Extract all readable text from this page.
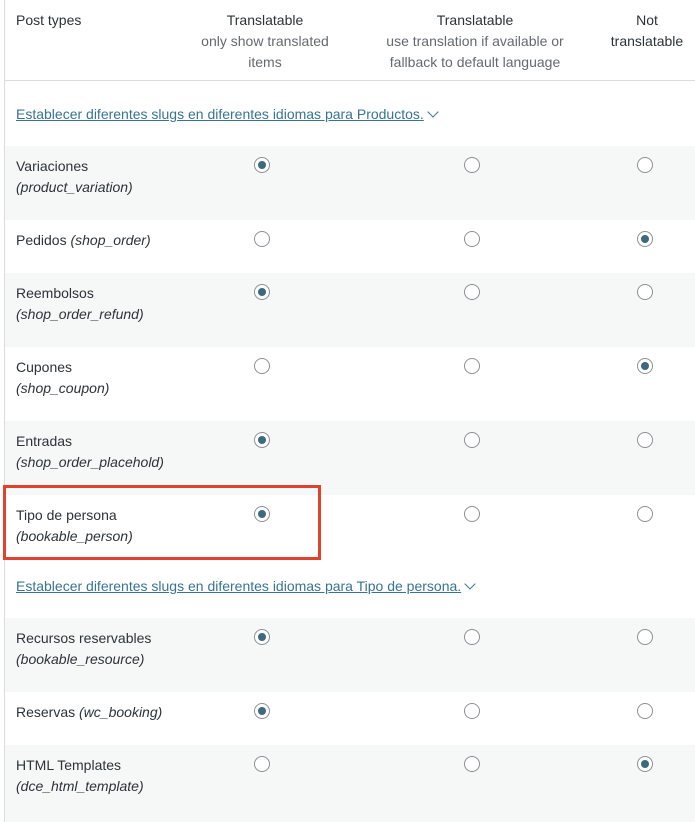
Post types	Translatable
only show translated
items
Translatable
use translation if available or
fallback to default language
Not
translatable
Establecer diferentes slugs en diferentes idiomas para Productos.
Variaciones
(product_variation)
Pedidos (shop_order)
Reembolsos
(shop_order_refund)
Cupones
(shop_coupon)
Entradas
(shop_order_placehold)
Tipo de persona
(bookable_person)
Establecer diferentes slugs en diferentes idiomas para Tipo de persona.
Recursos reservables
(bookable_resource)
Reservas (wc_booking)
HTML Templates
(dce_html_template)
